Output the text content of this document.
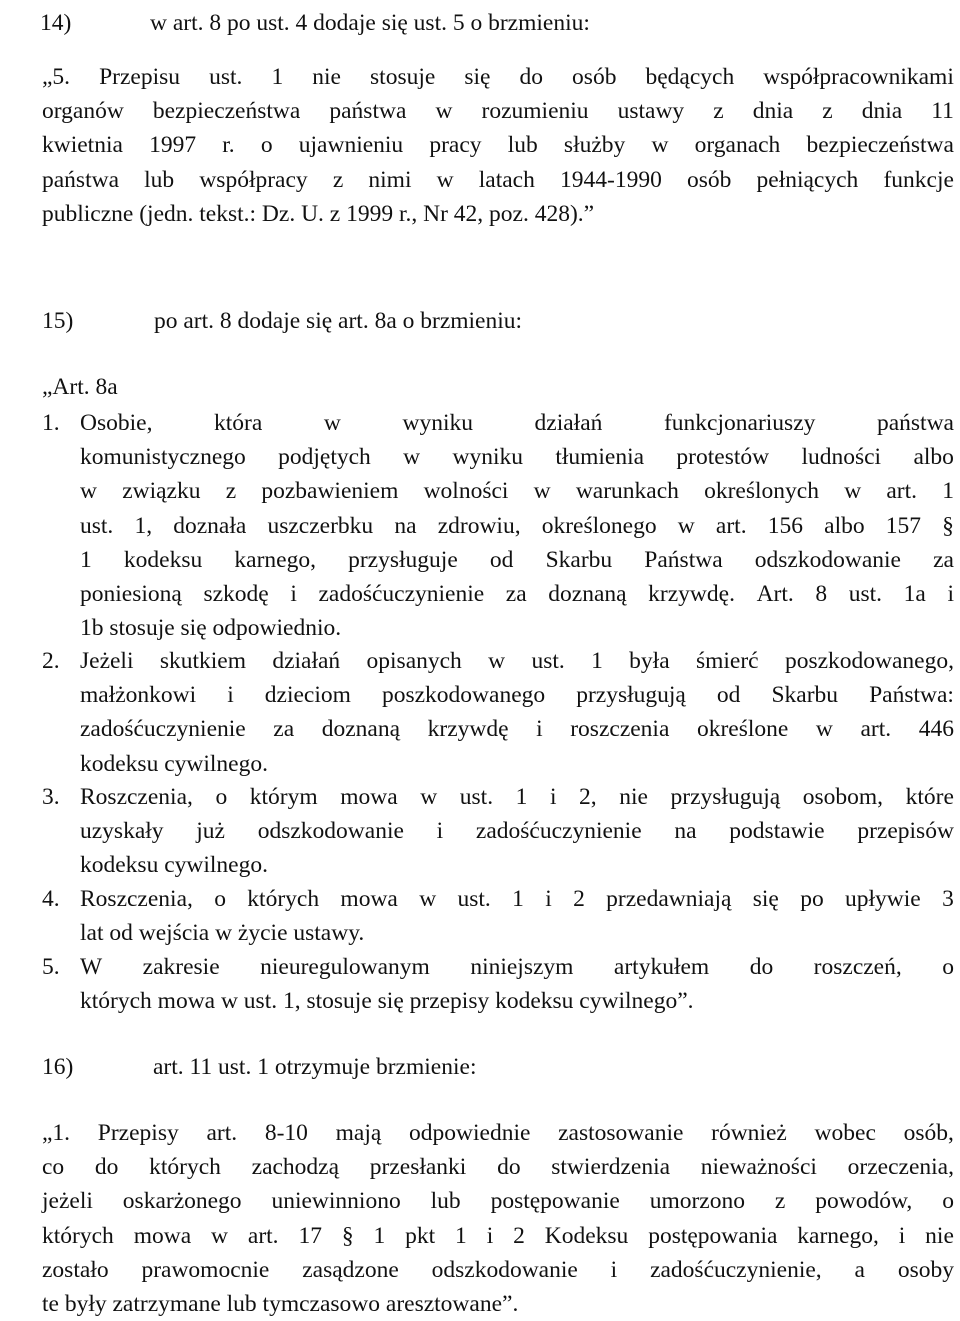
14)	w art. 8 po ust. 4 dodaje się ust. 5 o brzmieniu:
„5. Przepisu ust. 1 nie stosuje się do osób będących współpracownikami
organów bezpieczeństwa państwa w rozumieniu ustawy z dnia z dnia 11
kwietnia 1997 r. o ujawnieniu pracy lub służby w organach bezpieczeństwa
państwa lub współpracy z nimi w latach 1944-1990 osób pełniących funkcje
publiczne (jedn. tekst.: Dz. U. z 1999 r., Nr 42, poz. 428).”
15)	po art. 8 dodaje się art. 8a o brzmieniu:
„Art. 8a
1. Osobie,	która	w	wyniku	działań	funkcjonariuszy	państwa
komunistycznego podjętych w wyniku tłumienia protestów ludności albo
w związku z pozbawieniem wolności w warunkach określonych w art. 1
ust. 1, doznała uszczerbku na zdrowiu, określonego w art. 156 albo 157 §
1 kodeksu karnego, przysługuje od Skarbu Państwa odszkodowanie za
poniesioną szkodę i zadośćuczynienie za doznaną krzywdę. Art. 8 ust. 1a i
1b stosuje się odpowiednio.
2. Jeżeli skutkiem działań opisanych w ust. 1 była śmierć poszkodowanego,
małżonkowi i dzieciom poszkodowanego przysługują od Skarbu Państwa:
zadośćuczynienie za doznaną krzywdę i roszczenia określone w art. 446
kodeksu cywilnego.
3. Roszczenia, o którym mowa w ust. 1 i 2, nie przysługują osobom, które
uzyskały już odszkodowanie i zadośćuczynienie na podstawie przepisów
kodeksu cywilnego.
4. Roszczenia, o których mowa w ust. 1 i 2 przedawniają się po upływie 3
lat od wejścia w życie ustawy.
5. W zakresie nieuregulowanym niniejszym artykułem do roszczeń, o
których mowa w ust. 1, stosuje się przepisy kodeksu cywilnego”.
16)	art. 11 ust. 1 otrzymuje brzmienie:
„1. Przepisy art. 8-10 mają odpowiednie zastosowanie również wobec osób,
co do których zachodzą przesłanki do stwierdzenia nieważności orzeczenia,
jeżeli oskarżonego uniewinniono lub postępowanie umorzono z powodów, o
których mowa w art. 17 § 1 pkt 1 i 2 Kodeksu postępowania karnego, i nie
zostało prawomocnie zasądzone odszkodowanie i zadośćuczynienie, a osoby
te były zatrzymane lub tymczasowo aresztowane”.
